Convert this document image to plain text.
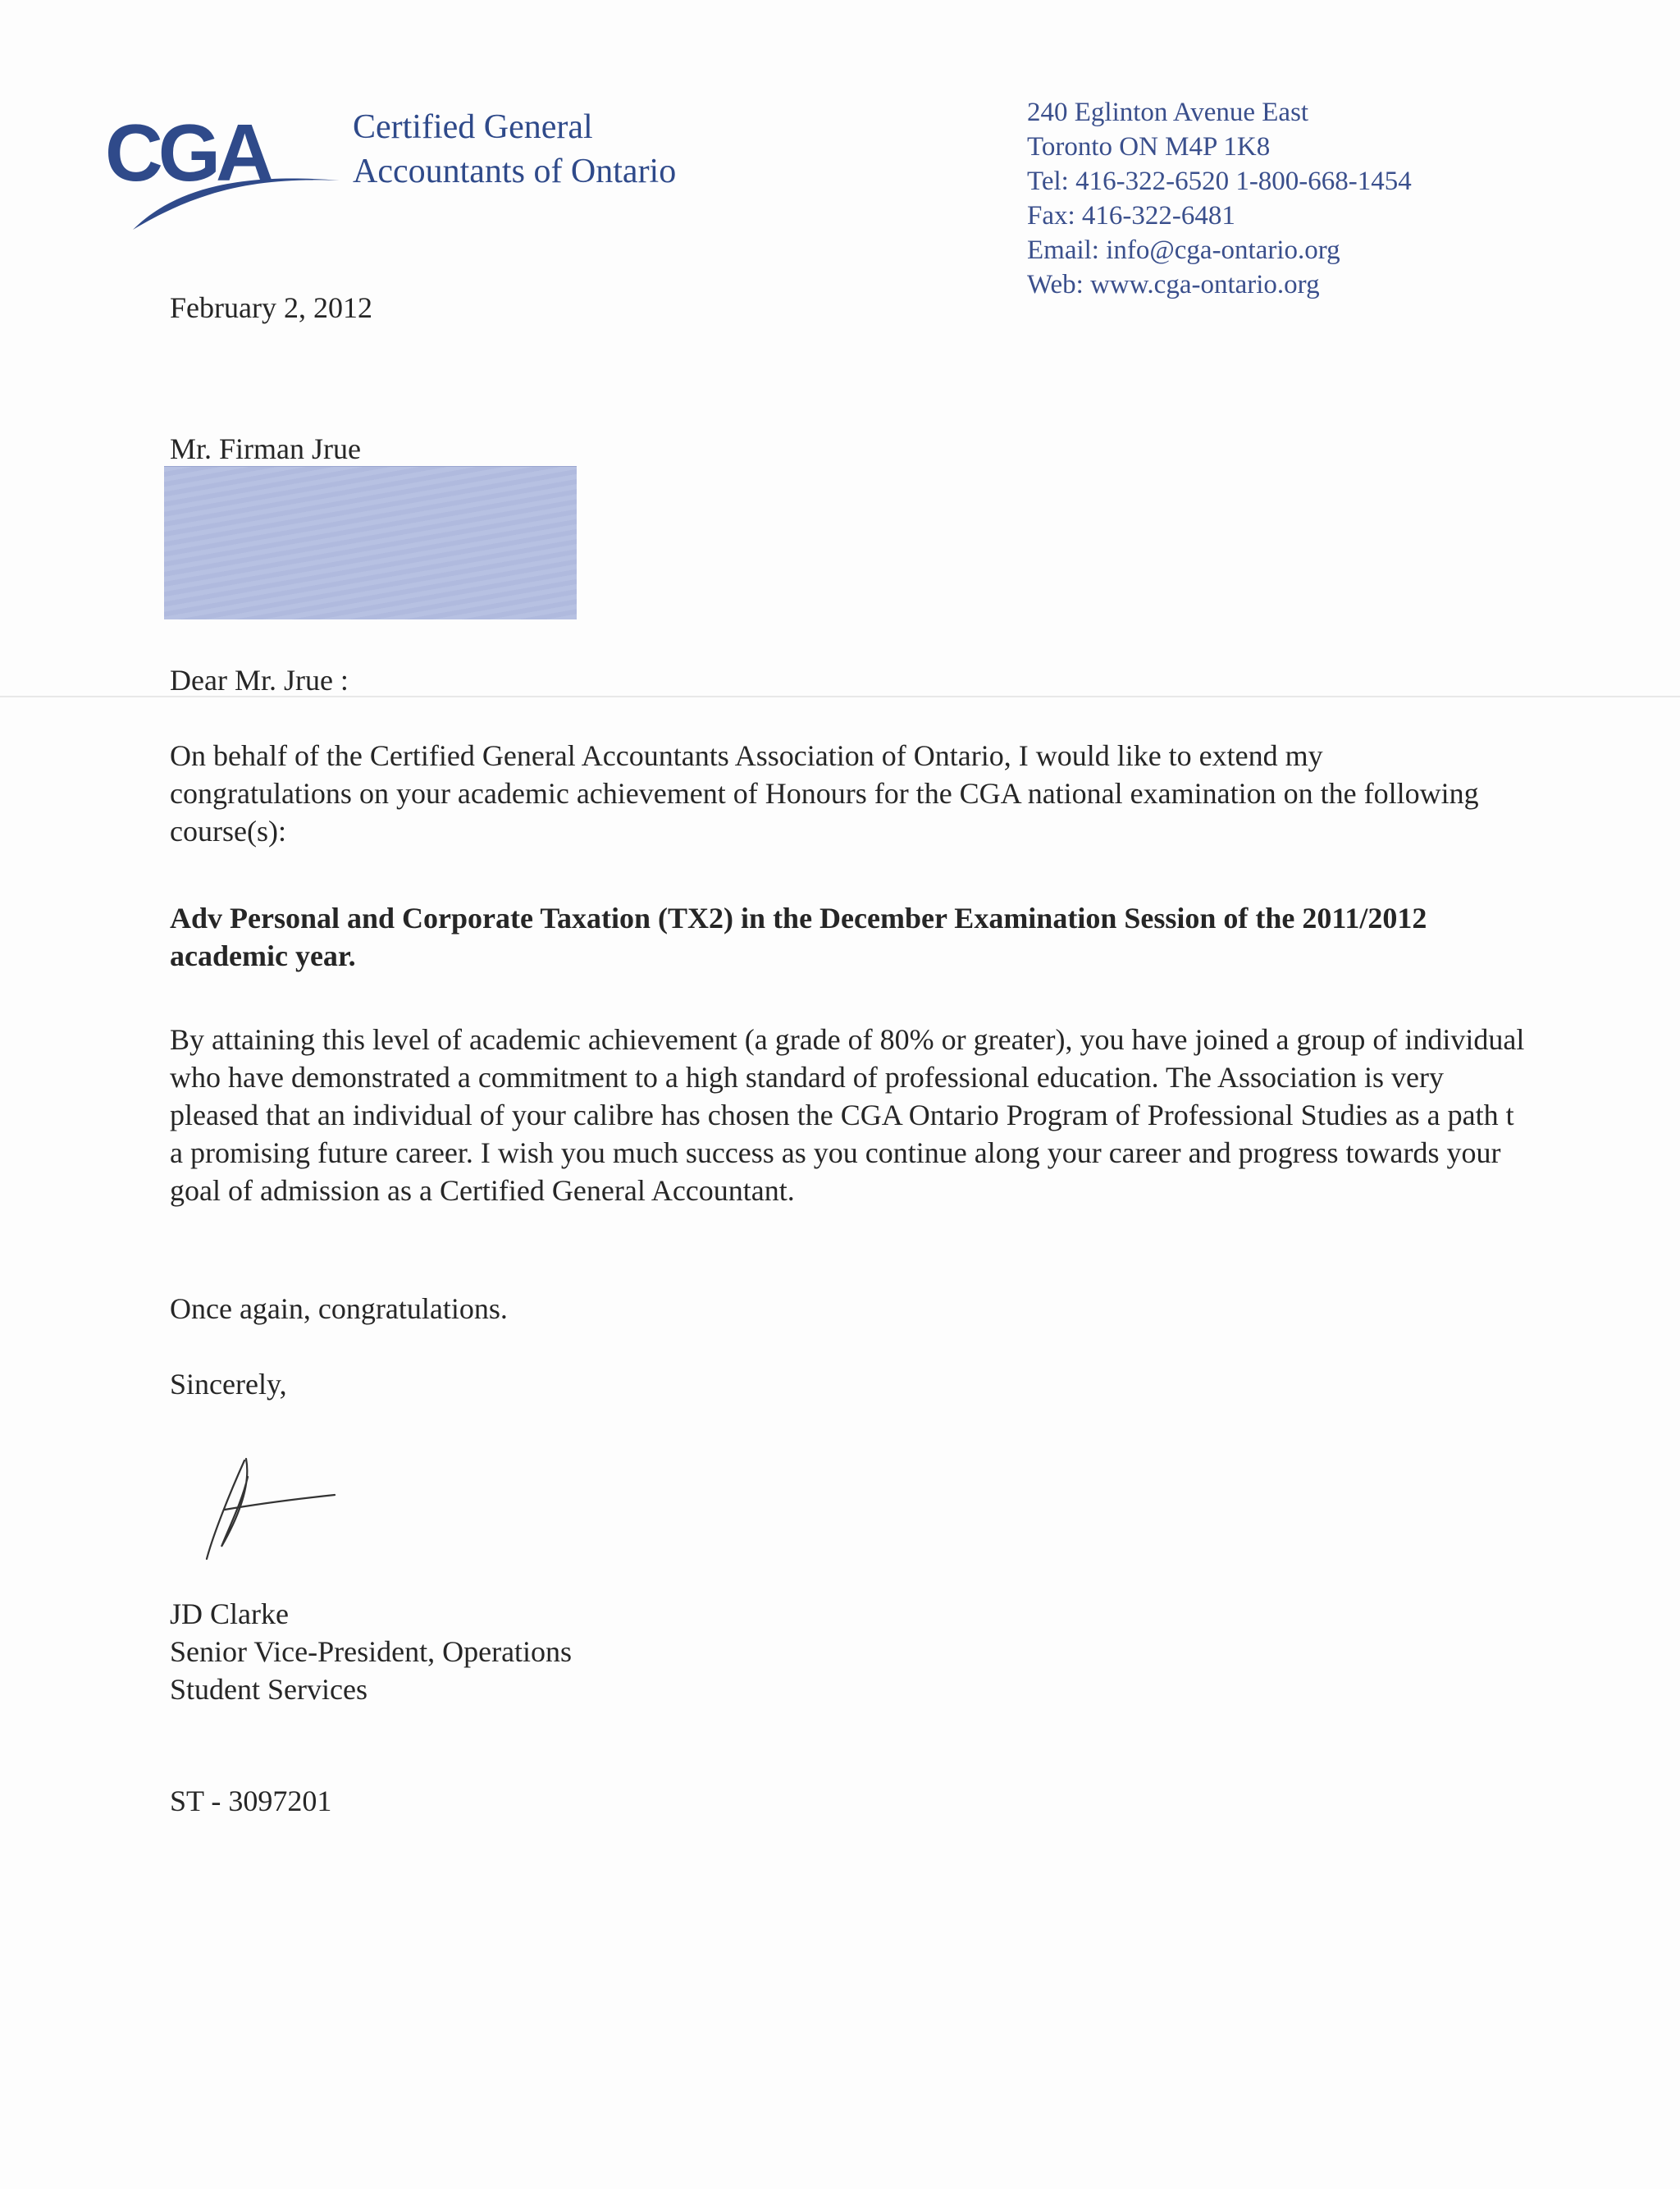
CGA Certified General
Accountants of Ontario
240 Eglinton Avenue East
Toronto ON M4P 1K8
Tel: 416-322-6520 1-800-668-1454
Fax: 416-322-6481
Email: info@cga-ontario.org
Web: www.cga-ontario.org
February 2, 2012
Mr. Firman Jrue
Dear Mr. Jrue :
On behalf of the Certified General Accountants Association of Ontario, I would like to extend my
congratulations on your academic achievement of Honours for the CGA national examination on the following
course(s):
Adv Personal and Corporate Taxation (TX2) in the December Examination Session of the 2011/2012
academic year.
By attaining this level of academic achievement (a grade of 80% or greater), you have joined a group of individual
who have demonstrated a commitment to a high standard of professional education. The Association is very
pleased that an individual of your calibre has chosen the CGA Ontario Program of Professional Studies as a path t
a promising future career. I wish you much success as you continue along your career and progress towards your
goal of admission as a Certified General Accountant.
Once again, congratulations.
Sincerely,
JD Clarke
Senior Vice-President, Operations
Student Services
ST - 3097201
